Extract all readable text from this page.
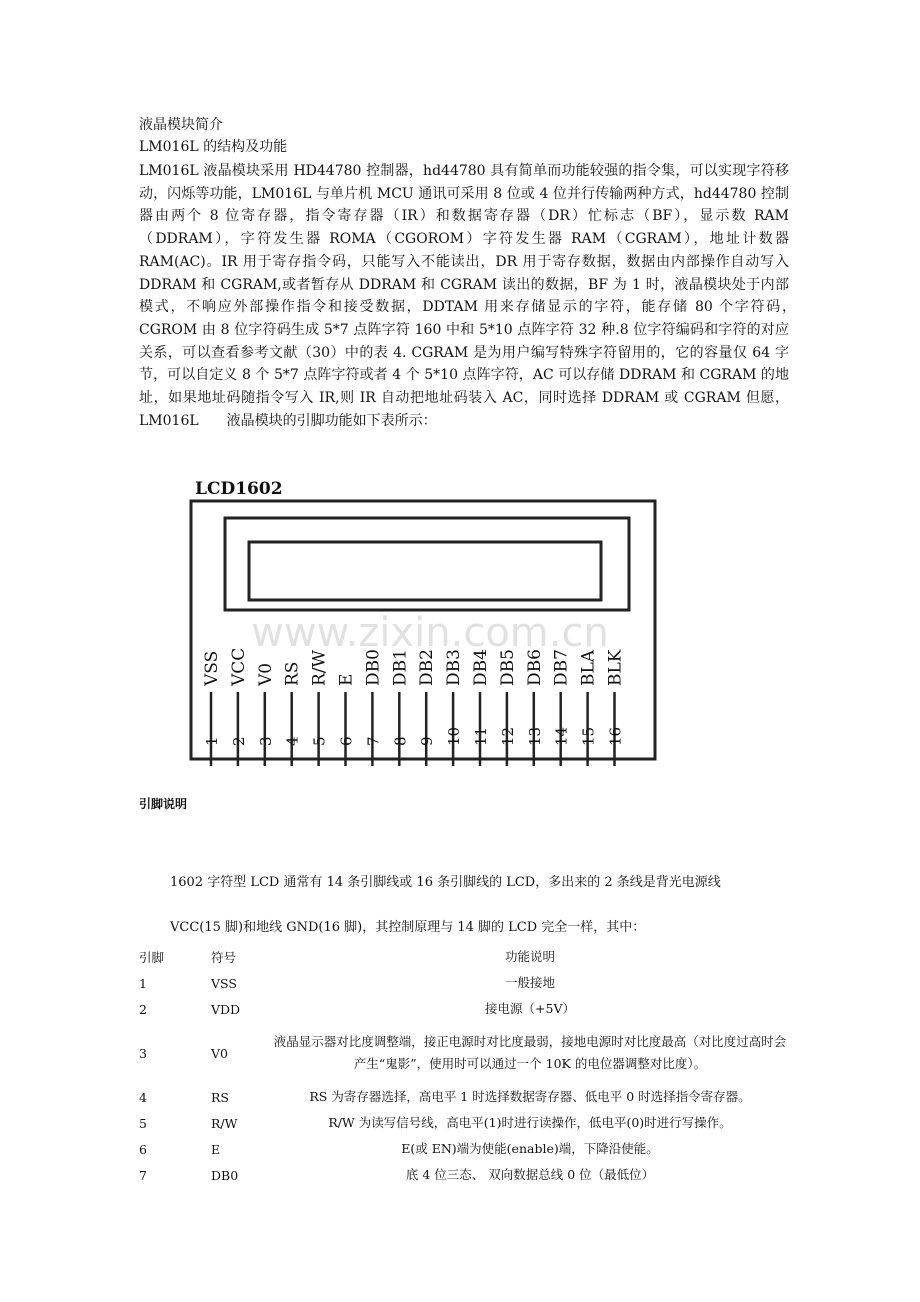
液晶模块简介
LM016L 的结构及功能
LM016L 液晶模块采用 HD44780 控制器，hd44780 具有简单而功能较强的指令集，可以实现字符移动，闪烁等功能，LM016L 与单片机 MCU 通讯可采用 8 位或 4 位并行传输两种方式，hd44780 控制器由两个 8 位寄存器，指令寄存器（IR）和数据寄存器（DR）忙标志（BF），显示数 RAM（DDRAM），字符发生器 ROMA（CGOROM）字符发生器 RAM（CGRAM），地址计数器 RAM(AC)。IR 用于寄存指令码，只能写入不能读出，DR 用于寄存数据，数据由内部操作自动写入 DDRAM 和 CGRAM,或者暂存从 DDRAM 和 CGRAM 读出的数据，BF 为 1 时，液晶模块处于内部模式，不响应外部操作指令和接受数据，DDTAM 用来存储显示的字符，能存储 80 个字符码，　　CGROM 由 8 位字符码生成 5*7 点阵字符 160 中和 5*10 点阵字符 32 种.8 位字符编码和字符的对应关系，可以查看参考文献（30）中的表 4. CGRAM 是为用户编写特殊字符留用的，它的容量仅 64 字节，可以自定义 8 个 5*7 点阵字符或者 4 个 5*10 点阵字符，AC 可以存储 DDRAM 和 CGRAM 的地址，如果地址码随指令写入 IR,则 IR 自动把地址码装入 AC，同时选择 DDRAM 或 CGRAM 但愿，LM016L　　液晶模块的引脚功能如下表所示：
LCD1602
www.zixin.com.cn
VSS
1
VCC
2
V0
3
RS
4
R/W
5
E
6
DB0
7
DB1
8
DB2
9
DB3
10
DB4
11
DB5
12
DB6
13
DB7
14
BLA
15
BLK
16
引脚说明
1602 字符型 LCD 通常有 14 条引脚线或 16 条引脚线的 LCD，多出来的 2 条线是背光电源线
VCC(15 脚)和地线 GND(16 脚)，其控制原理与 14 脚的 LCD 完全一样，其中：
引脚	符号	功能说明
1	VSS	一般接地
2	VDD	接电源（+5V）
3	V0	液晶显示器对比度调整端，接正电源时对比度最弱，接地电源时对比度最高（对比度过高时会产生“鬼影”，使用时可以通过一个 10K 的电位器调整对比度）。
4	RS	RS 为寄存器选择，高电平 1 时选择数据寄存器、低电平 0 时选择指令寄存器。
5	R/W	R/W 为读写信号线，高电平(1)时进行读操作，低电平(0)时进行写操作。
6	E	E(或 EN)端为使能(enable)端，下降沿使能。
7	DB0	底 4 位三态、 双向数据总线 0 位（最低位）
